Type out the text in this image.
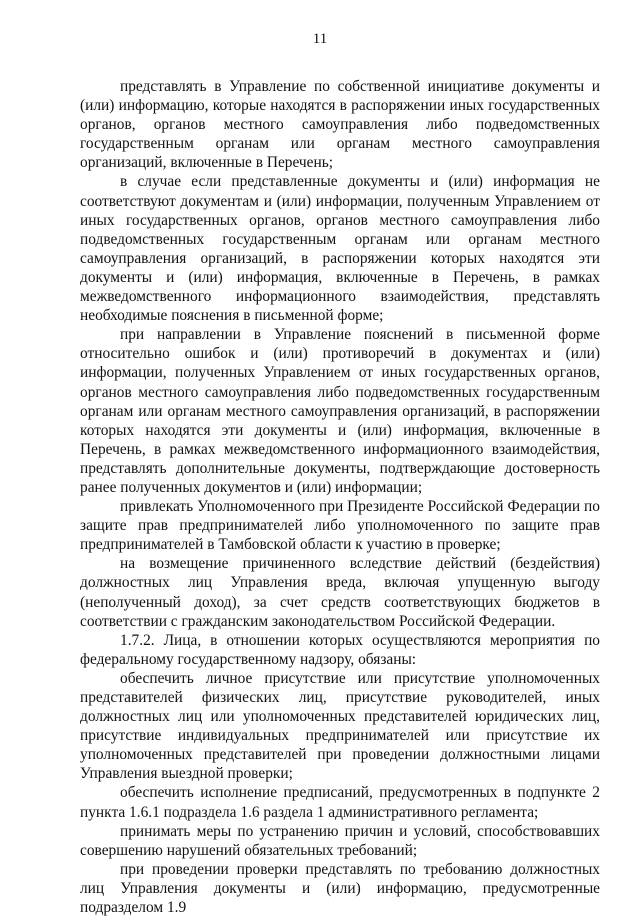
11

представлять в Управление по собственной инициативе документы и (или) информацию, которые находятся в распоряжении иных государственных органов, органов местного самоуправления либо подведомственных государственным органам или органам местного самоуправления организаций, включенные в Перечень;

в случае если представленные документы и (или) информация не соответствуют документам и (или) информации, полученным Управлением от иных государственных органов, органов местного самоуправления либо подведомственных государственным органам или органам местного самоуправления организаций, в распоряжении которых находятся эти документы и (или) информация, включенные в Перечень, в рамках межведомственного информационного взаимодействия, представлять необходимые пояснения в письменной форме;

при направлении в Управление пояснений в письменной форме относительно ошибок и (или) противоречий в документах и (или) информации, полученных Управлением от иных государственных органов, органов местного самоуправления либо подведомственных государственным органам или органам местного самоуправления организаций, в распоряжении которых находятся эти документы и (или) информация, включенные в Перечень, в рамках межведомственного информационного взаимодействия, представлять дополнительные документы, подтверждающие достоверность ранее полученных документов и (или) информации;

привлекать Уполномоченного при Президенте Российской Федерации по защите прав предпринимателей либо уполномоченного по защите прав предпринимателей в Тамбовской области к участию в проверке;

на возмещение причиненного вследствие действий (бездействия) должностных лиц Управления вреда, включая упущенную выгоду (неполученный доход), за счет средств соответствующих бюджетов в соответствии с гражданским законодательством Российской Федерации.

1.7.2. Лица, в отношении которых осуществляются мероприятия по федеральному государственному надзору, обязаны:

обеспечить личное присутствие или присутствие уполномоченных представителей физических лиц, присутствие руководителей, иных должностных лиц или уполномоченных представителей юридических лиц, присутствие индивидуальных предпринимателей или присутствие их уполномоченных представителей при проведении должностными лицами Управления выездной проверки;

обеспечить исполнение предписаний, предусмотренных в подпункте 2 пункта 1.6.1 подраздела 1.6 раздела 1 административного регламента;

принимать меры по устранению причин и условий, способствовавших совершению нарушений обязательных требований;

при проведении проверки представлять по требованию должностных лиц Управления документы и (или) информацию, предусмотренные подразделом 1.9
